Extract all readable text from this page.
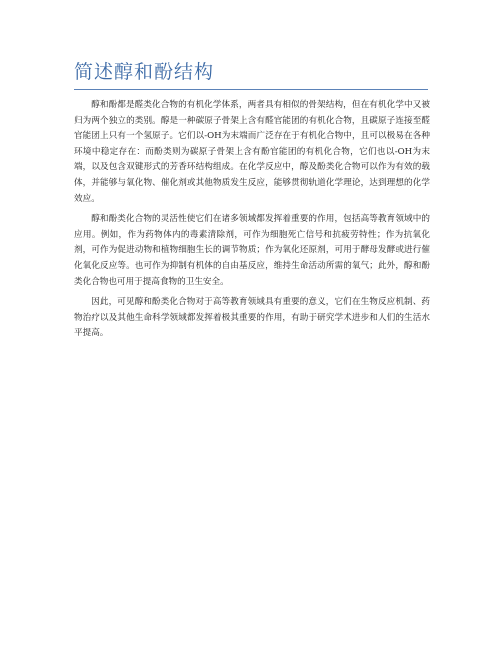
简述醇和酚结构

醇和酚都是醛类化合物的有机化学体系，两者具有相似的骨架结构，但在有机化学中又被归为两个独立的类别。醇是一种碳原子骨架上含有醛官能团的有机化合物，且碳原子连接至醛官能团上只有一个氢原子。它们以-OH为末端而广泛存在于有机化合物中，且可以极易在各种环境中稳定存在：而酚类则为碳原子骨架上含有酚官能团的有机化合物，它们也以-OH为末端，以及包含双键形式的芳香环结构组成。在化学反应中，醇及酚类化合物可以作为有效的载体，并能够与氧化物、催化剂或其他物质发生反应，能够贯彻轨道化学理论，达到理想的化学效应。

醇和酚类化合物的灵活性使它们在诸多领域都发挥着重要的作用，包括高等教育领域中的应用。例如，作为药物体内的毒素清除剂，可作为细胞死亡信号和抗疲劳特性；作为抗氧化剂，可作为促进动物和植物细胞生长的调节物质；作为氧化还原剂，可用于酵母发酵或进行催化氧化反应等。也可作为抑制有机体的自由基反应，维持生命活动所需的氧气；此外，醇和酚类化合物也可用于提高食物的卫生安全。

因此，可见醇和酚类化合物对于高等教育领域具有重要的意义，它们在生物反应机制、药物治疗以及其他生命科学领域都发挥着极其重要的作用，有助于研究学术进步和人们的生活水平提高。
